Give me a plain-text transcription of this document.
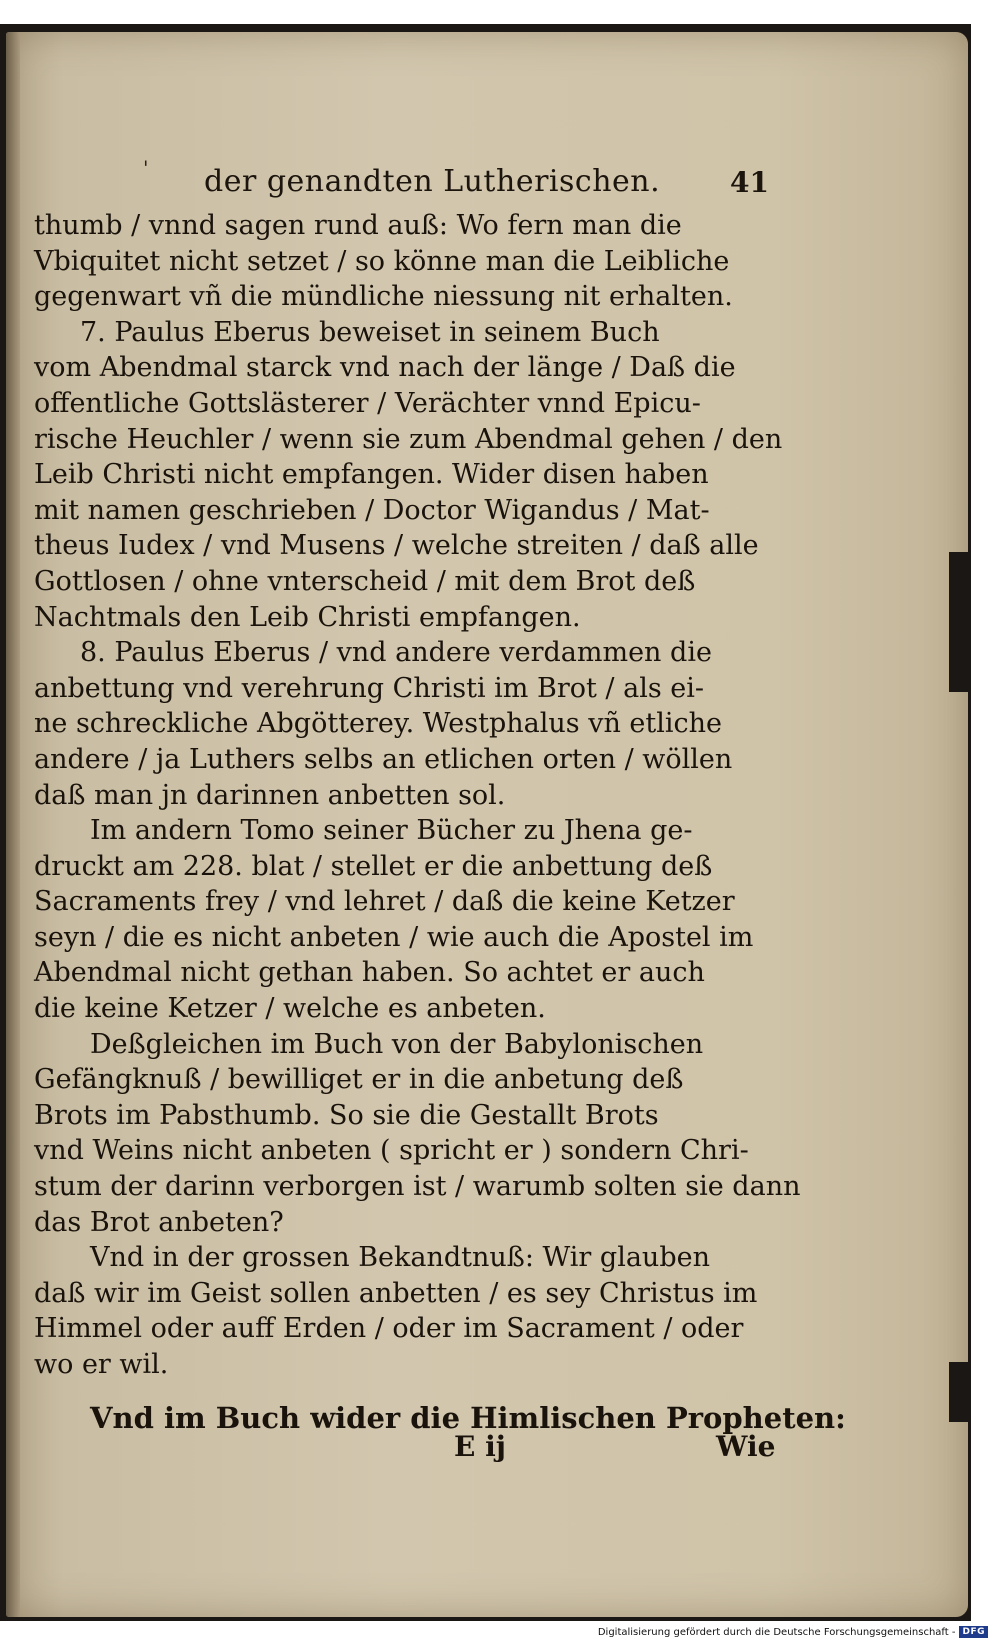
' der genandten Lutherischen. 41
thumb / vnnd sagen rund auß: Wo fern man die
Vbiquitet nicht setzet / so könne man die Leibliche
gegenwart vñ die mündliche niessung nit erhalten.
7. Paulus Eberus beweiset in seinem Buch
vom Abendmal starck vnd nach der länge / Daß die
offentliche Gottslästerer / Verächter vnnd Epicu-
rische Heuchler / wenn sie zum Abendmal gehen / den
Leib Christi nicht empfangen. Wider disen haben
mit namen geschrieben / Doctor Wigandus / Mat-
theus Iudex / vnd Musens / welche streiten / daß alle
Gottlosen / ohne vnterscheid / mit dem Brot deß
Nachtmals den Leib Christi empfangen.
8. Paulus Eberus / vnd andere verdammen die
anbettung vnd verehrung Christi im Brot / als ei-
ne schreckliche Abgötterey. Westphalus vñ etliche
andere / ja Luthers selbs an etlichen orten / wöllen
daß man jn darinnen anbetten sol.
Im andern Tomo seiner Bücher zu Jhena ge-
druckt am 228. blat / stellet er die anbettung deß
Sacraments frey / vnd lehret / daß die keine Ketzer
seyn / die es nicht anbeten / wie auch die Apostel im
Abendmal nicht gethan haben. So achtet er auch
die keine Ketzer / welche es anbeten.
Deßgleichen im Buch von der Babylonischen
Gefängknuß / bewilliget er in die anbetung deß
Brots im Pabsthumb. So sie die Gestallt Brots
vnd Weins nicht anbeten ( spricht er ) sondern Chri-
stum der darinn verborgen ist / warumb solten sie dann
das Brot anbeten?
Vnd in der grossen Bekandtnuß: Wir glauben
daß wir im Geist sollen anbetten / es sey Christus im
Himmel oder auff Erden / oder im Sacrament / oder
wo er wil.
Vnd im Buch wider die Himlischen Propheten:
E ij	Wie
Digitalisierung gefördert durch die Deutsche Forschungsgemeinschaft - DFG
